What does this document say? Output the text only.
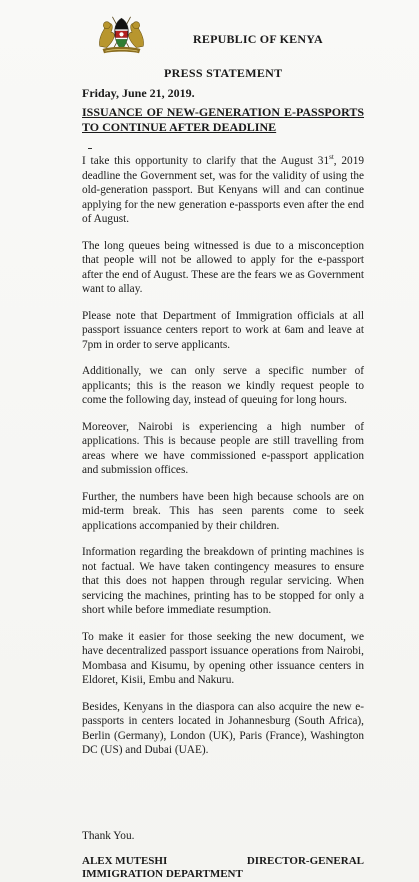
REPUBLIC OF KENYA
PRESS STATEMENT
Friday, June 21, 2019.
ISSUANCE OF NEW-GENERATION E-PASSPORTS TO CONTINUE AFTER DEADLINE

I take this opportunity to clarify that the August 31st, 2019 deadline the Government set, was for the validity of using the old-generation passport. But Kenyans will and can continue applying for the new generation e-passports even after the end of August.

The long queues being witnessed is due to a misconception that people will not be allowed to apply for the e-passport after the end of August. These are the fears we as Government want to allay.

Please note that Department of Immigration officials at all passport issuance centers report to work at 6am and leave at 7pm in order to serve applicants.

Additionally, we can only serve a specific number of applicants; this is the reason we kindly request people to come the following day, instead of queuing for long hours.

Moreover, Nairobi is experiencing a high number of applications. This is because people are still travelling from areas where we have commissioned e-passport application and submission offices.

Further, the numbers have been high because schools are on mid-term break. This has seen parents come to seek applications accompanied by their children.

Information regarding the breakdown of printing machines is not factual. We have taken contingency measures to ensure that this does not happen through regular servicing. When servicing the machines, printing has to be stopped for only a short while before immediate resumption.

To make it easier for those seeking the new document, we have decentralized passport issuance operations from Nairobi, Mombasa and Kisumu, by opening other issuance centers in Eldoret, Kisii, Embu and Nakuru.

Besides, Kenyans in the diaspora can also acquire the new e-passports in centers located in Johannesburg (South Africa), Berlin (Germany), London (UK), Paris (France), Washington DC (US) and Dubai (UAE).

Thank You.
ALEX MUTESHI	DIRECTOR-GENERAL
IMMIGRATION DEPARTMENT
